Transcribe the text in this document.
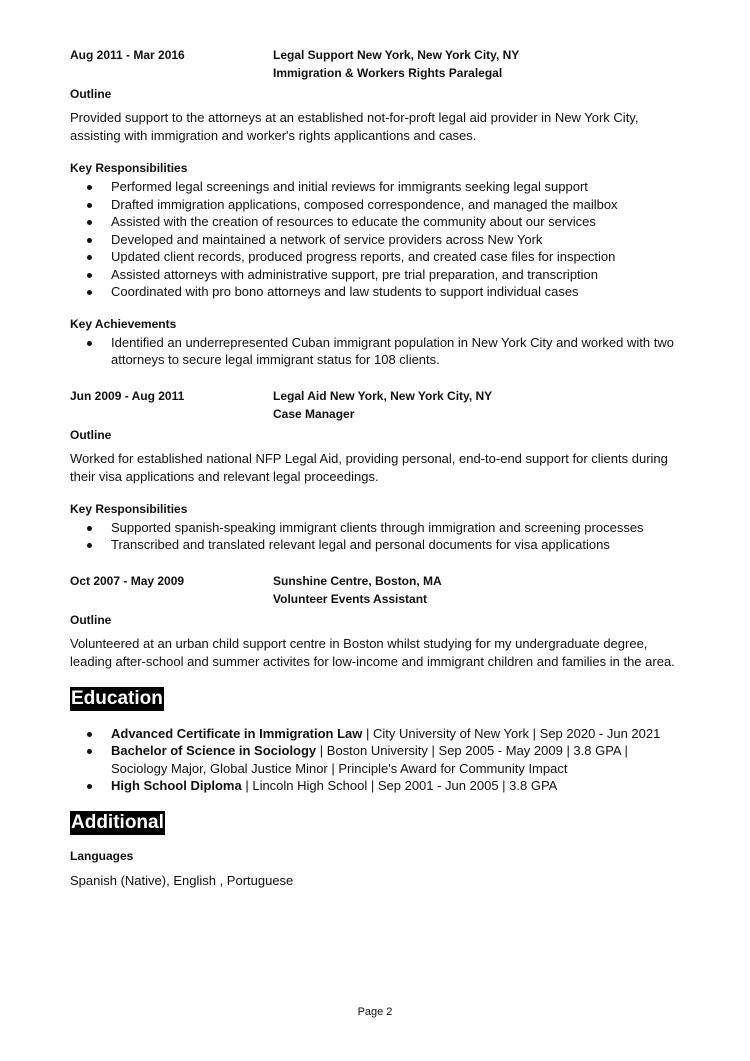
Aug 2011 - Mar 2016	Legal Support New York, New York City, NY
Immigration & Workers Rights Paralegal
Outline

Provided support to the attorneys at an established not-for-proft legal aid provider in New York City, assisting with immigration and worker's rights applicantions and cases.

Key Responsibilities
Performed legal screenings and initial reviews for immigrants seeking legal support
Drafted immigration applications, composed correspondence, and managed the mailbox
Assisted with the creation of resources to educate the community about our services
Developed and maintained a network of service providers across New York
Updated client records, produced progress reports, and created case files for inspection
Assisted attorneys with administrative support, pre trial preparation, and transcription
Coordinated with pro bono attorneys and law students to support individual cases
Key Achievements
Identified an underrepresented Cuban immigrant population in New York City and worked with two attorneys to secure legal immigrant status for 108 clients.
Jun 2009 - Aug 2011	Legal Aid New York, New York City, NY
Case Manager
Outline

Worked for established national NFP Legal Aid, providing personal, end-to-end support for clients during their visa applications and relevant legal proceedings.

Key Responsibilities
Supported spanish-speaking immigrant clients through immigration and screening processes
Transcribed and translated relevant legal and personal documents for visa applications
Oct 2007 - May 2009	Sunshine Centre, Boston, MA
Volunteer Events Assistant
Outline

Volunteered at an urban child support centre in Boston whilst studying for my undergraduate degree, leading after-school and summer activites for low-income and immigrant children and families in the area.

Education
Advanced Certificate in Immigration Law | City University of New York | Sep 2020 - Jun 2021
Bachelor of Science in Sociology | Boston University | Sep 2005 - May 2009 | 3.8 GPA | Sociology Major, Global Justice Minor | Principle's Award for Community Impact
High School Diploma | Lincoln High School | Sep 2001 - Jun 2005 | 3.8 GPA
Additional
Languages

Spanish (Native), English , Portuguese

Page 2
